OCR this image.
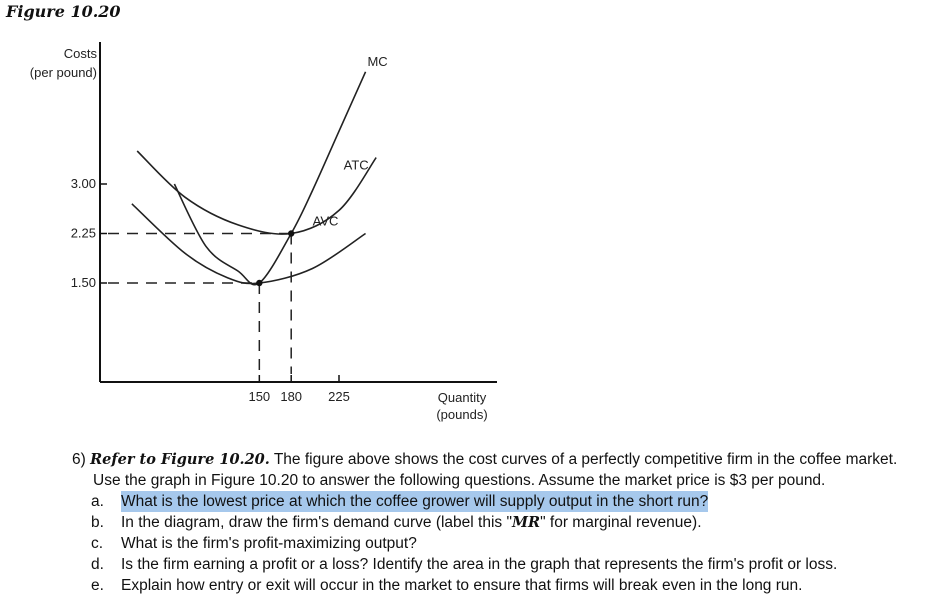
Figure 10.20
Costs
(per pound)
Quantity
(pounds)
3.00
2.25
1.50
150 180 225
MC
ATC
AVC

6) Refer to Figure 10.20. The figure above shows the cost curves of a perfectly competitive firm in the coffee market.

Use the graph in Figure 10.20 to answer the following questions. Assume the market price is $3 per pound.

a.	What is the lowest price at which the coffee grower will supply output in the short run?
b.	In the diagram, draw the firm's demand curve (label this "MR" for marginal revenue).
c.	What is the firm's profit-maximizing output?
d.	Is the firm earning a profit or a loss? Identify the area in the graph that represents the firm's profit or loss.
e.	Explain how entry or exit will occur in the market to ensure that firms will break even in the long run.
